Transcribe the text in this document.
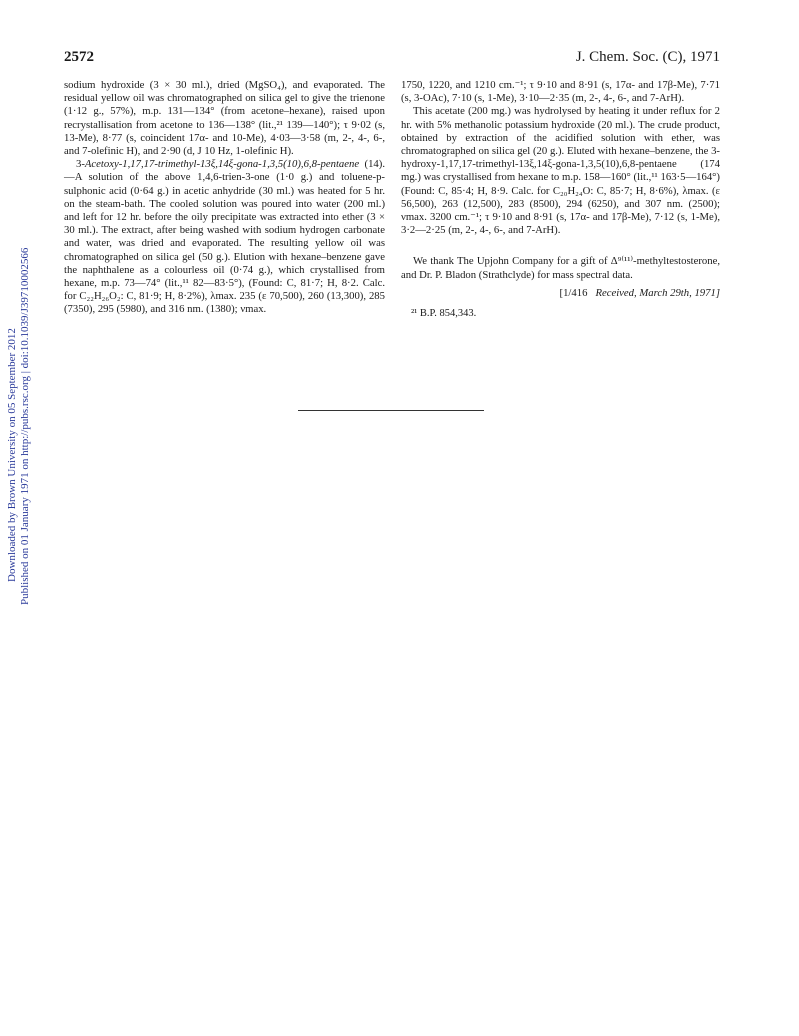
Downloaded by Brown University on 05 September 2012 Published on 01 January 1971 on http://pubs.rsc.org | doi:10.1039/J39710002566
2572	J. Chem. Soc. (C), 1971

sodium hydroxide (3 × 30 ml.), dried (MgSO₄), and evaporated. The residual yellow oil was chromatographed on silica gel to give the trienone (1·12 g., 57%), m.p. 131—134° (from acetone–hexane), raised upon recrystallisation from acetone to 136—138° (lit.,²¹ 139—140°); τ 9·02 (s, 13-Me), 8·77 (s, coincident 17α- and 10-Me), 4·03—3·58 (m, 2-, 4-, 6-, and 7-olefinic H), and 2·90 (d, J 10 Hz, 1-olefinic H).

3-Acetoxy-1,17,17-trimethyl-13ξ,14ξ-gona-1,3,5(10),6,8-pentaene (14).—A solution of the above 1,4,6-trien-3-one (1·0 g.) and toluene-p-sulphonic acid (0·64 g.) in acetic anhydride (30 ml.) was heated for 5 hr. on the steam-bath. The cooled solution was poured into water (200 ml.) and left for 12 hr. before the oily precipitate was extracted into ether (3 × 30 ml.). The extract, after being washed with sodium hydrogen carbonate and water, was dried and evaporated. The resulting yellow oil was chromatographed on silica gel (50 g.). Elution with hexane–benzene gave the naphthalene as a colourless oil (0·74 g.), which crystallised from hexane, m.p. 73—74° (lit.,¹¹ 82—83·5°), (Found: C, 81·7; H, 8·2. Calc. for C₂₂H₂₆O₂: C, 81·9; H, 8·2%), λmax. 235 (ε 70,500), 260 (13,300), 285 (7350), 295 (5980), and 316 nm. (1380); νmax.

1750, 1220, and 1210 cm.⁻¹; τ 9·10 and 8·91 (s, 17α- and 17β-Me), 7·71 (s, 3-OAc), 7·10 (s, 1-Me), 3·10—2·35 (m, 2-, 4-, 6-, and 7-ArH).

This acetate (200 mg.) was hydrolysed by heating it under reflux for 2 hr. with 5% methanolic potassium hydroxide (20 ml.). The crude product, obtained by extraction of the acidified solution with ether, was chromatographed on silica gel (20 g.). Eluted with hexane–benzene, the 3-hydroxy-1,17,17-trimethyl-13ξ,14ξ-gona-1,3,5(10),6,8-pentaene (174 mg.) was crystallised from hexane to m.p. 158—160° (lit.,¹¹ 163·5—164°) (Found: C, 85·4; H, 8·9. Calc. for C₂₀H₂₄O: C, 85·7; H, 8·6%), λmax. (ε 56,500), 263 (12,500), 283 (8500), 294 (6250), and 307 nm. (2500); νmax. 3200 cm.⁻¹; τ 9·10 and 8·91 (s, 17α- and 17β-Me), 7·12 (s, 1-Me), 3·2—2·25 (m, 2-, 4-, 6-, and 7-ArH).

We thank The Upjohn Company for a gift of Δ⁹⁽¹¹⁾-methyltestosterone, and Dr. P. Bladon (Strathclyde) for mass spectral data.

[1/416 Received, March 29th, 1971]
²¹ B.P. 854,343.
